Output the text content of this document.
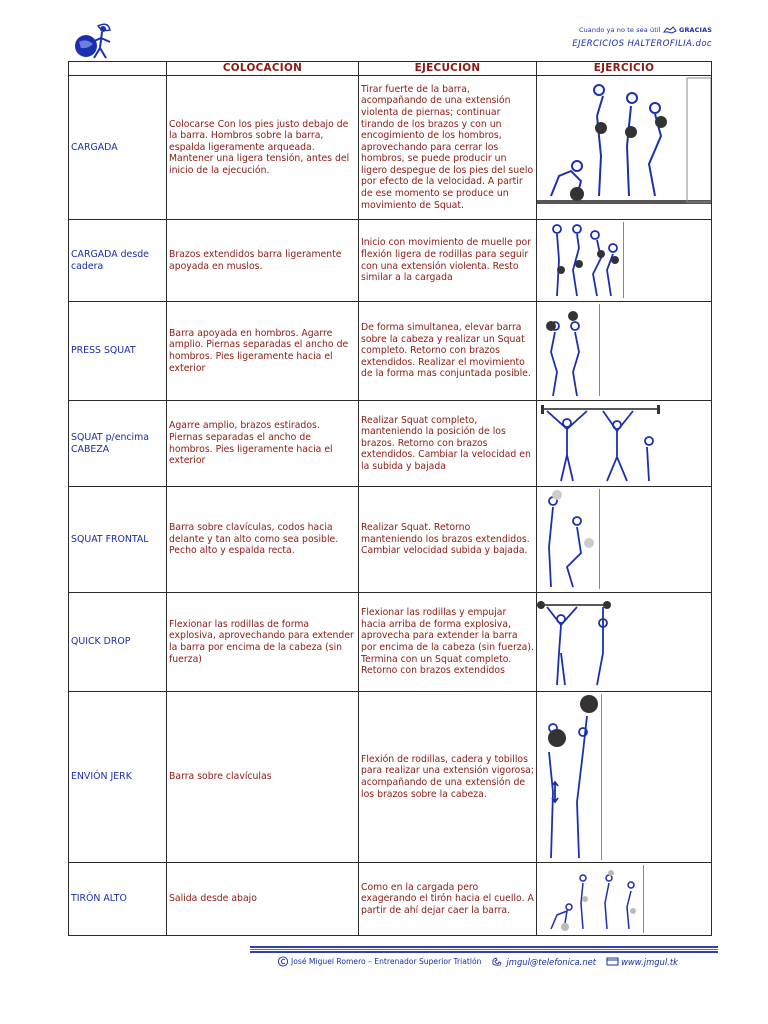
Cuando ya no te sea útil	GRACIAS
EJERCICIOS HALTEROFILIA.doc
	COLOCACIÓN	EJECUCIÓN	EJERCICIO
CARGADA	Colocarse Con los pies justo debajo de la barra. Hombros sobre la barra, espalda ligeramente arqueada. Mantener una ligera tensión, antes del inicio de la ejecución.	Tirar fuerte de la barra, acompañando de una extensión violenta de piernas; continuar tirando de los brazos y con un encogimiento de los hombros, aprovechando para cerrar los hombros, se puede producir un ligero despegue de los pies del suelo por efecto de la velocidad. A partir de ese momento se produce un movimiento de Squat.	

CARGADA desde cadera	Brazos extendidos barra ligeramente apoyada en muslos.	Inicio con movimiento de muelle por flexión ligera de rodillas para seguir con una extensión violenta. Resto similar a la cargada	

PRESS SQUAT	Barra apoyada en hombros. Agarre amplio. Piernas separadas el ancho de hombros. Pies ligeramente hacia el exterior	De forma simultanea, elevar barra sobre la cabeza y realizar un Squat completo. Retorno con brazos extendidos. Realizar el movimiento de la forma mas conjuntada posible.	

SQUAT p/encima CABEZA	Agarre amplio, brazos estirados. Piernas separadas el ancho de hombros. Pies ligeramente hacia el exterior	Realizar Squat completo, manteniendo la posición de los brazos. Retorno con brazos extendidos. Cambiar la velocidad en la subida y bajada	

SQUAT FRONTAL	Barra sobre clavículas, codos hacia delante y tan alto como sea posible. Pecho alto y espalda recta.	Realizar Squat. Retorno manteniendo los brazos extendidos. Cambiar velocidad subida y bajada.	

QUICK DROP	Flexionar las rodillas de forma explosiva, aprovechando para extender la barra por encima de la cabeza (sin fuerza)	Flexionar las rodillas y empujar hacia arriba de forma explosiva, aprovecha para extender la barra por encima de la cabeza (sin fuerza). Termina con un Squat completo. Retorno con brazos extendidos	

ENVIÓN JERK	Barra sobre clavículas	Flexión de rodillas, cadera y tobillos para realizar una extensión vigorosa; acompañando de una extensión de los brazos sobre la cabeza.	

TIRÓN ALTO	Salida desde abajo	Como en la cargada pero exagerando el tirón hacia el cuello. A partir de ahí dejar caer la barra.	
José Miguel Romero – Entrenador Superior Triatlón	jmgul@telefonica.net	www.jmgul.tk
